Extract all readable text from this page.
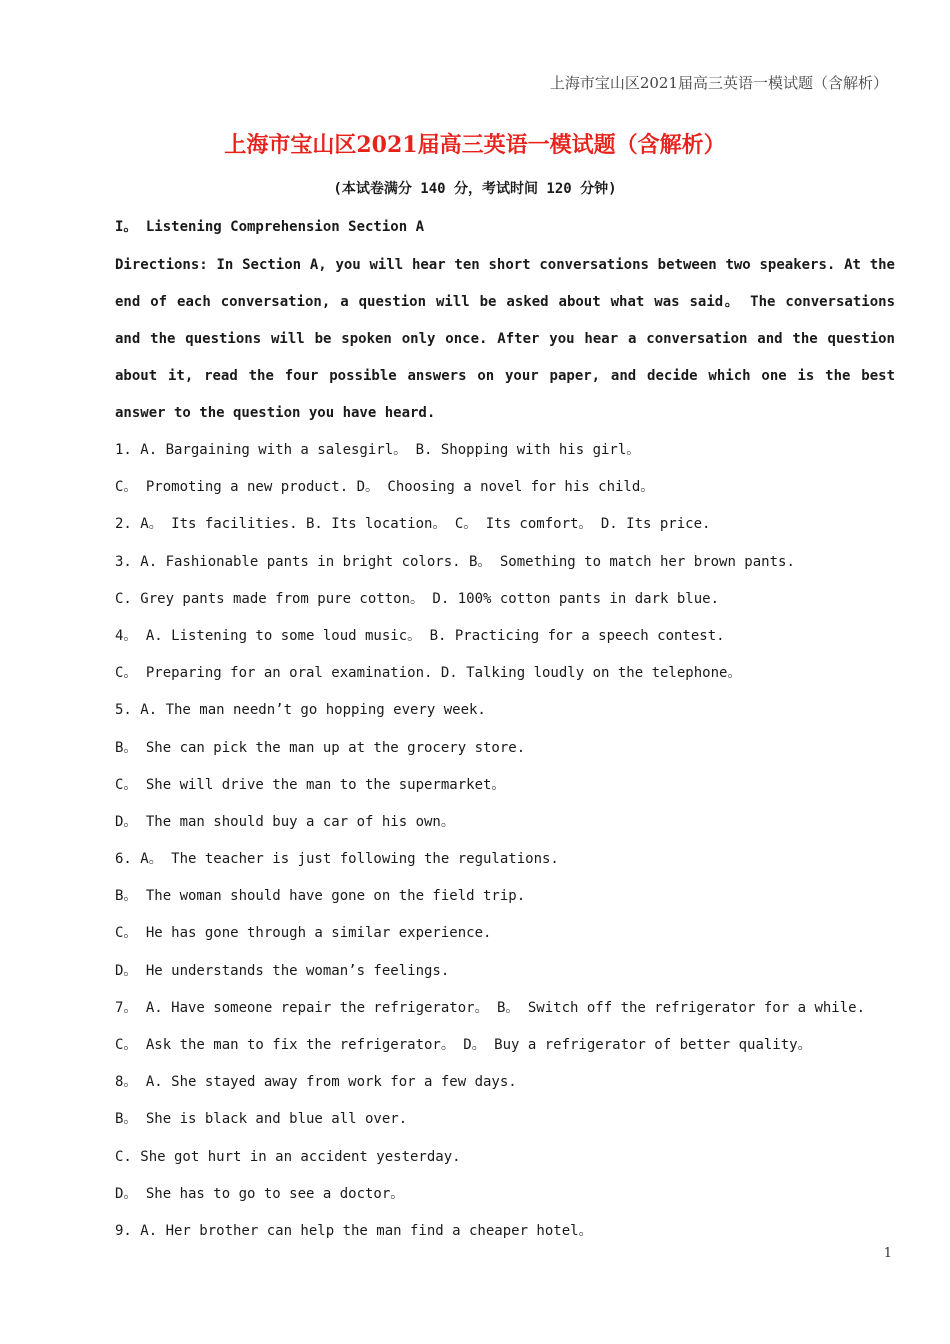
上海市宝山区2021届高三英语一模试题（含解析）
上海市宝山区2021届高三英语一模试题（含解析）
(本试卷满分 140 分，考试时间 120 分钟)
I。 Listening Comprehension Section A
Directions: In Section A, you will hear ten short conversations between two speakers. At the end of each conversation, a question will be asked about what was said。 The conversations and the questions will be spoken only once. After you hear a conversation and the question about it, read the four possible answers on your paper, and decide which one is the best answer to the question you have heard.
1. A. Bargaining with a salesgirl。 B. Shopping with his girl。
C。 Promoting a new product. D。 Choosing a novel for his child。
2. A。 Its facilities. B. Its location。 C。 Its comfort。 D. Its price.
3. A. Fashionable pants in bright colors. B。 Something to match her brown pants.
C. Grey pants made from pure cotton。 D. 100% cotton pants in dark blue.
4。 A. Listening to some loud music。 B. Practicing for a speech contest.
C。 Preparing for an oral examination. D. Talking loudly on the telephone。
5. A. The man needn’t go hopping every week.
B。 She can pick the man up at the grocery store.
C。 She will drive the man to the supermarket。
D。 The man should buy a car of his own。
6. A。 The teacher is just following the regulations.
B。 The woman should have gone on the field trip.
C。 He has gone through a similar experience.
D。 He understands the woman’s feelings.
7。 A. Have someone repair the refrigerator。 B。 Switch off the refrigerator for a while.
C。 Ask the man to fix the refrigerator。 D。 Buy a refrigerator of better quality。
8。 A. She stayed away from work for a few days.
B。 She is black and blue all over.
C. She got hurt in an accident yesterday.
D。 She has to go to see a doctor。
9. A. Her brother can help the man find a cheaper hotel。
1
